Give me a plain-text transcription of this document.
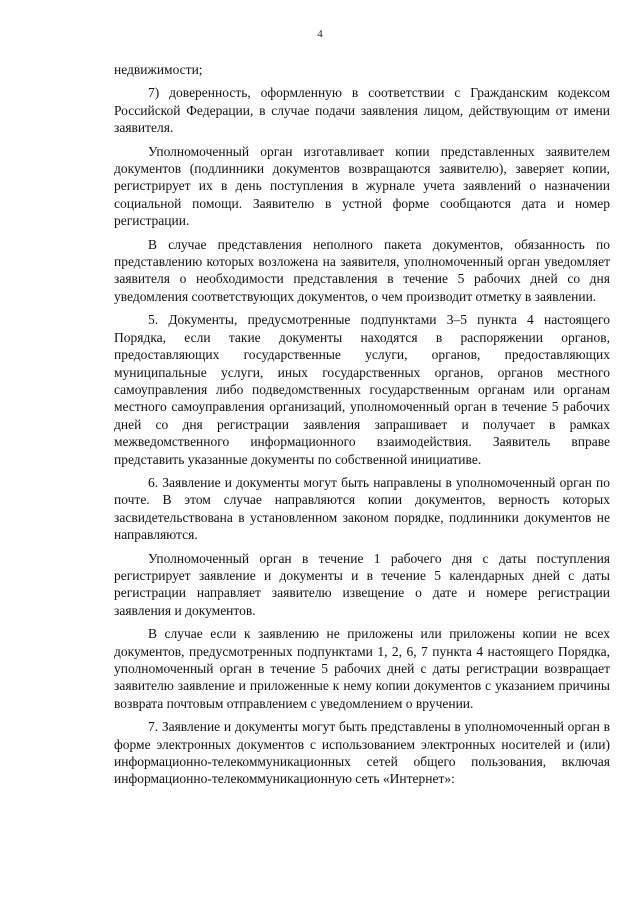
4

недвижимости;

7) доверенность, оформленную в соответствии с Гражданским кодексом Российской Федерации, в случае подачи заявления лицом, действующим от имени заявителя.

Уполномоченный орган изготавливает копии представленных заявителем документов (подлинники документов возвращаются заявителю), заверяет копии, регистрирует их в день поступления в журнале учета заявлений о назначении социальной помощи. Заявителю в устной форме сообщаются дата и номер регистрации.

В случае представления неполного пакета документов, обязанность по представлению которых возложена на заявителя, уполномоченный орган уведомляет заявителя о необходимости представления в течение 5 рабочих дней со дня уведомления соответствующих документов, о чем производит отметку в заявлении.

5. Документы, предусмотренные подпунктами 3–5 пункта 4 настоящего Порядка, если такие документы находятся в распоряжении органов, предоставляющих государственные услуги, органов, предоставляющих муниципальные услуги, иных государственных органов, органов местного самоуправления либо подведомственных государственным органам или органам местного самоуправления организаций, уполномоченный орган в течение 5 рабочих дней со дня регистрации заявления запрашивает и получает в рамках межведомственного информационного взаимодействия. Заявитель вправе представить указанные документы по собственной инициативе.

6. Заявление и документы могут быть направлены в уполномоченный орган по почте. В этом случае направляются копии документов, верность которых засвидетельствована в установленном законом порядке, подлинники документов не направляются.

Уполномоченный орган в течение 1 рабочего дня с даты поступления регистрирует заявление и документы и в течение 5 календарных дней с даты регистрации направляет заявителю извещение о дате и номере регистрации заявления и документов.

В случае если к заявлению не приложены или приложены копии не всех документов, предусмотренных подпунктами 1, 2, 6, 7 пункта 4 настоящего Порядка, уполномоченный орган в течение 5 рабочих дней с даты регистрации возвращает заявителю заявление и приложенные к нему копии документов с указанием причины возврата почтовым отправлением с уведомлением о вручении.

7. Заявление и документы могут быть представлены в уполномоченный орган в форме электронных документов с использованием электронных носителей и (или) информационно-телекоммуникационных сетей общего пользования, включая информационно-телекоммуникационную сеть «Интернет»:
